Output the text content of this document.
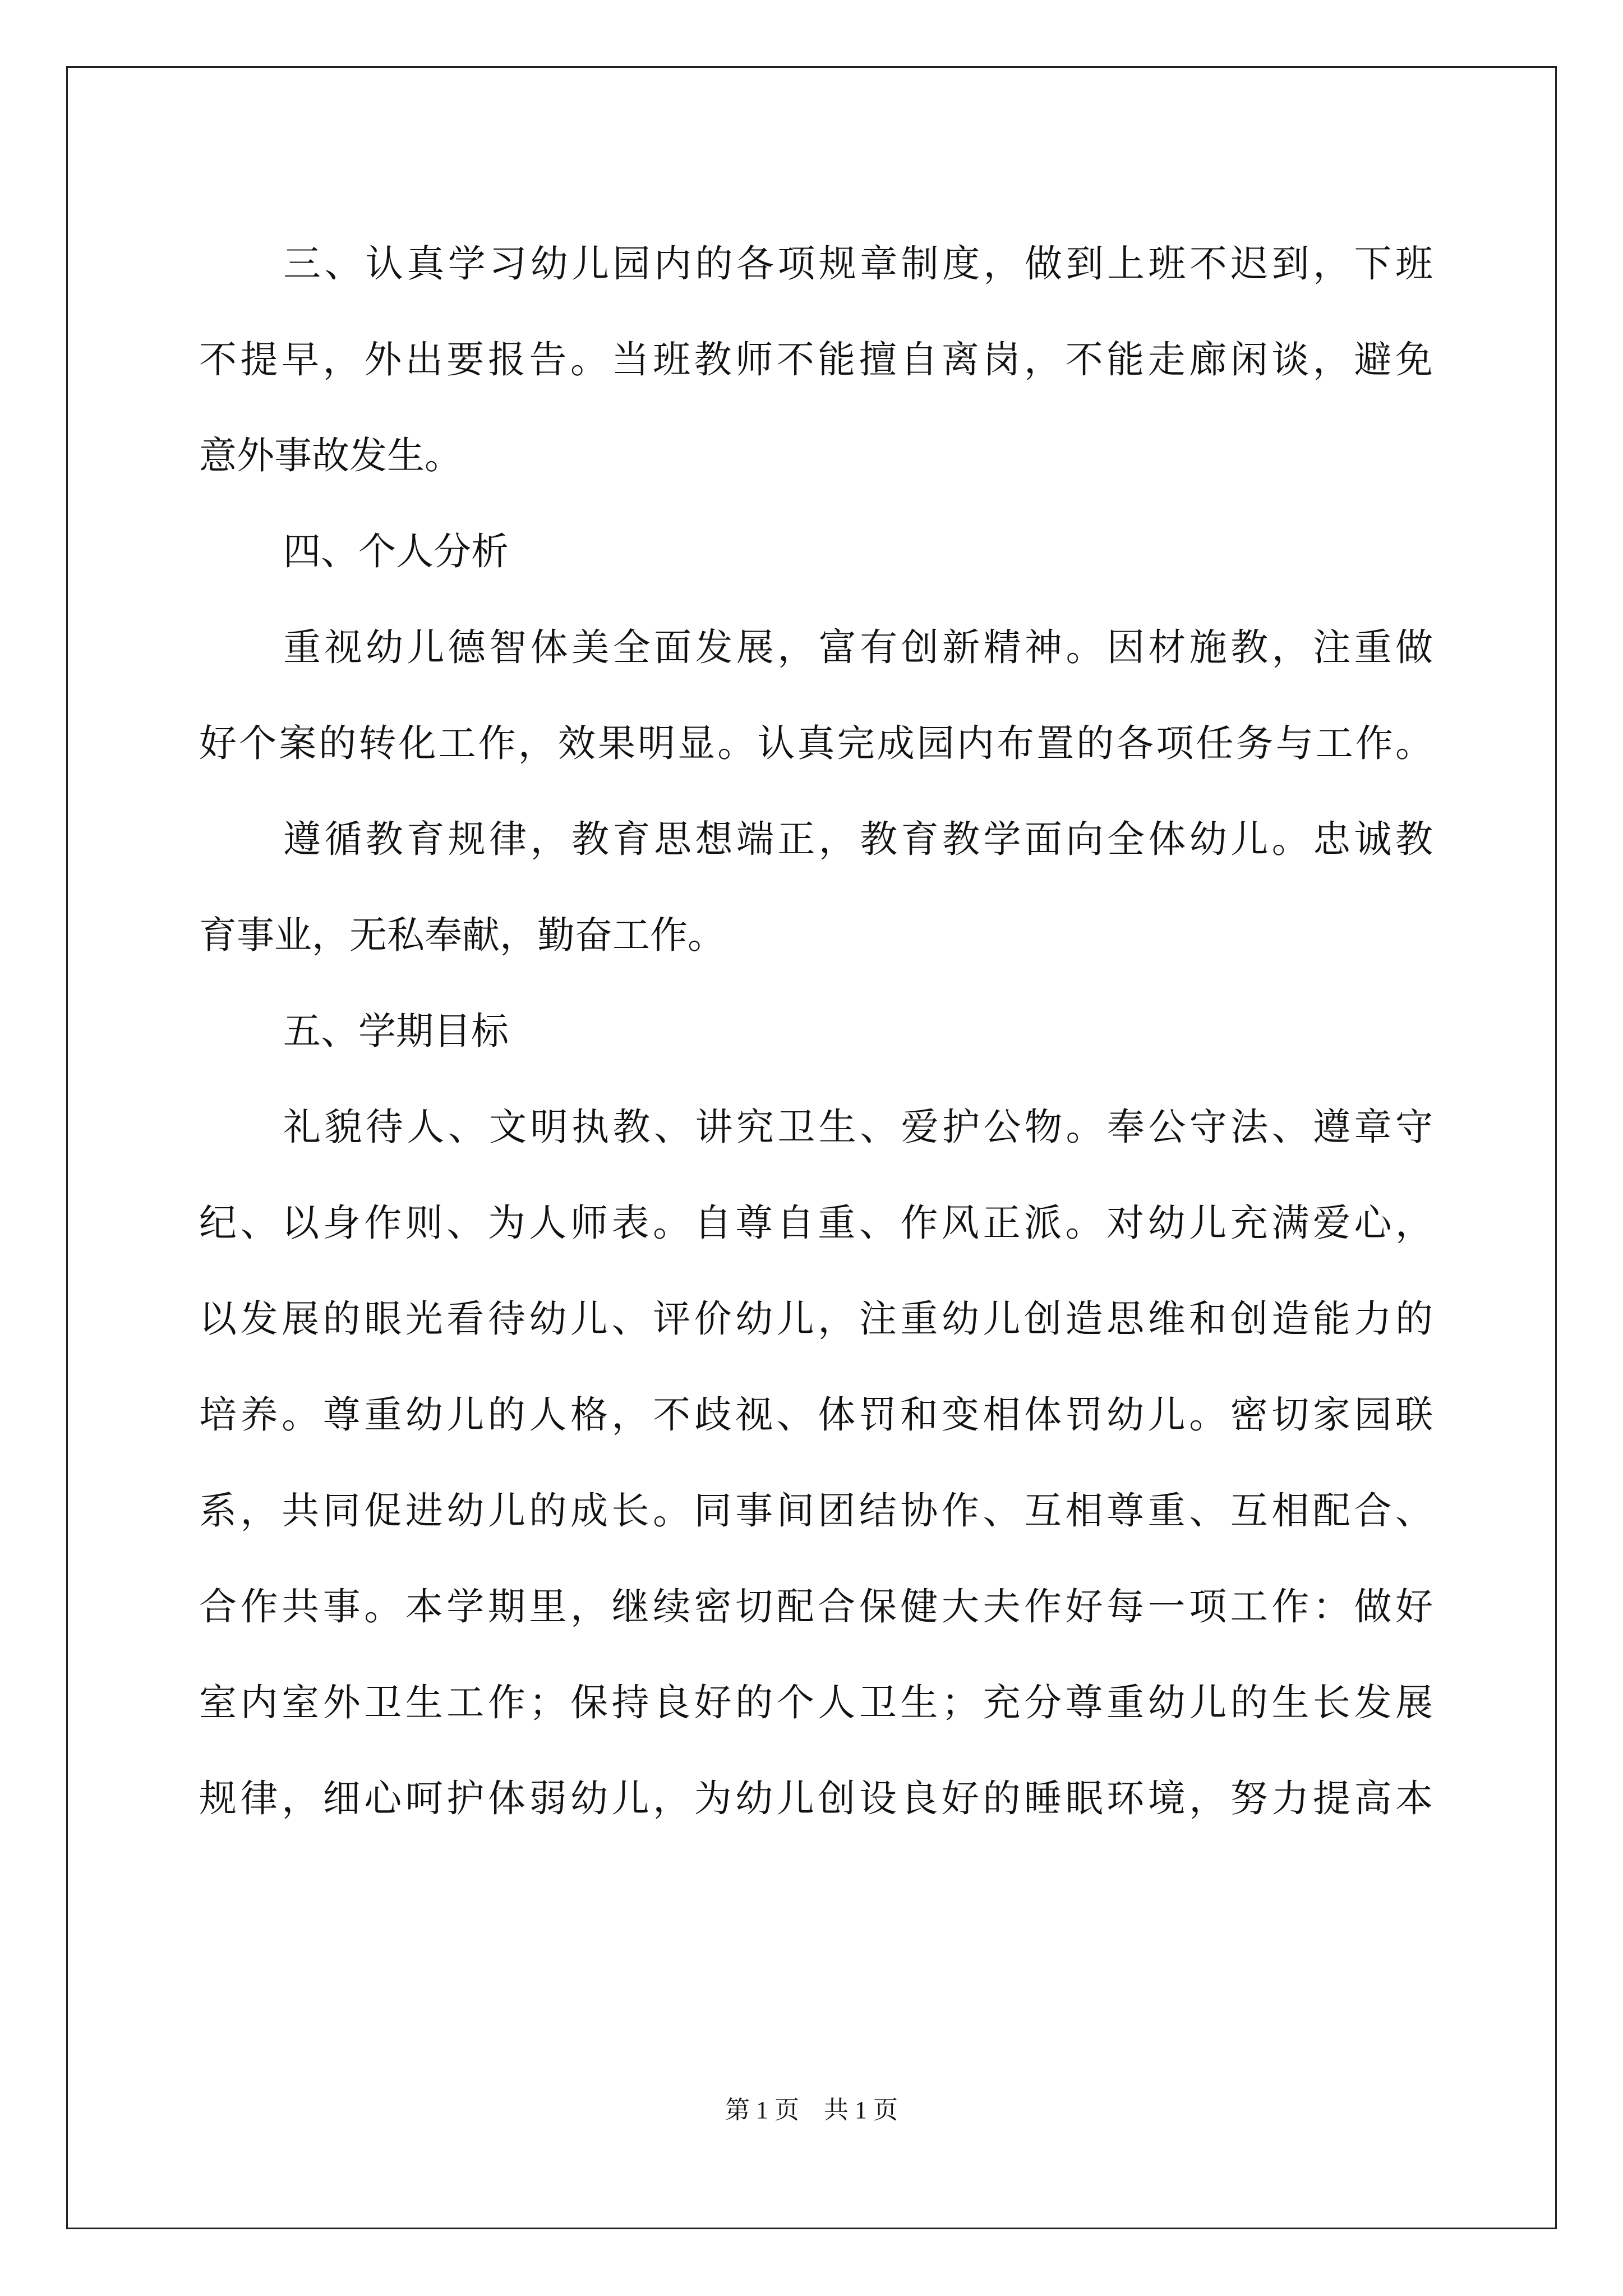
三、认真学习幼儿园内的各项规章制度，做到上班不迟到，下班

不提早，外出要报告。当班教师不能擅自离岗，不能走廊闲谈，避免

意外事故发生。

四、个人分析

重视幼儿德智体美全面发展，富有创新精神。因材施教，注重做

好个案的转化工作，效果明显。认真完成园内布置的各项任务与工作。

遵循教育规律，教育思想端正，教育教学面向全体幼儿。忠诚教

育事业，无私奉献，勤奋工作。

五、学期目标

礼貌待人、文明执教、讲究卫生、爱护公物。奉公守法、遵章守

纪、以身作则、为人师表。自尊自重、作风正派。对幼儿充满爱心，

以发展的眼光看待幼儿、评价幼儿，注重幼儿创造思维和创造能力的

培养。尊重幼儿的人格，不歧视、体罚和变相体罚幼儿。密切家园联

系，共同促进幼儿的成长。同事间团结协作、互相尊重、互相配合、

合作共事。本学期里，继续密切配合保健大夫作好每一项工作：做好

室内室外卫生工作；保持良好的个人卫生；充分尊重幼儿的生长发展

规律，细心呵护体弱幼儿，为幼儿创设良好的睡眠环境，努力提高本

第 1 页    共 1 页
